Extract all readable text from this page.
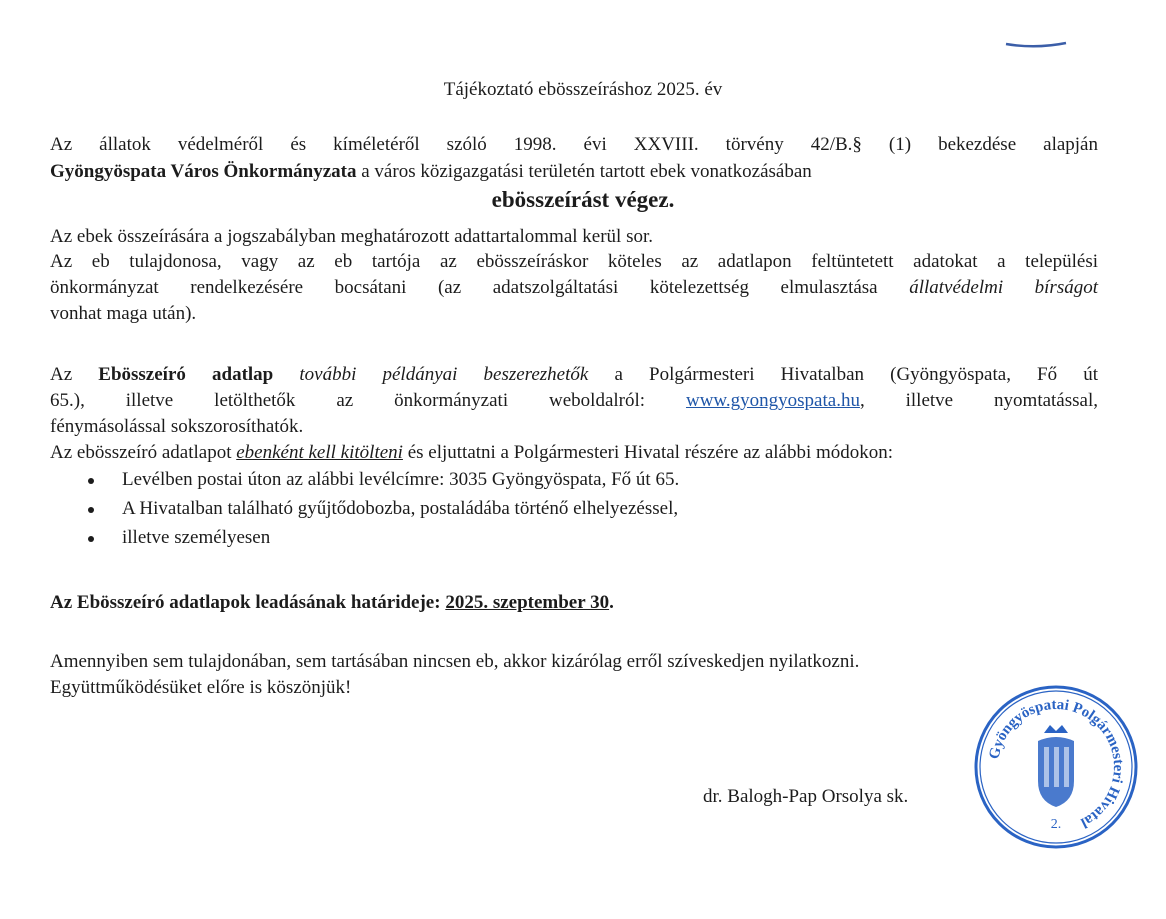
Tájékoztató ebösszeíráshoz 2025. év
Az állatok védelméről és kíméletéről szóló 1998. évi XXVIII. törvény 42/B.§ (1) bekezdése alapján
Gyöngyöspata Város Önkormányzata a város közigazgatási területén tartott ebek vonatkozásában
ebösszeírást végez.
Az ebek összeírására a jogszabályban meghatározott adattartalommal kerül sor.
Az eb tulajdonosa, vagy az eb tartója az ebösszeíráskor köteles az adatlapon feltüntetett adatokat a települési
önkormányzat rendelkezésére bocsátani (az adatszolgáltatási kötelezettség elmulasztása állatvédelmi bírságot
vonhat maga után).
Az Ebösszeíró adatlap további példányai beszerezhetők a Polgármesteri Hivatalban (Gyöngyöspata, Fő út
65.), illetve letölthetők az önkormányzati weboldalról: www.gyongyospata.hu, illetve nyomtatással,
fénymásolással sokszorosíthatók.
Az ebösszeíró adatlapot ebenként kell kitölteni és eljuttatni a Polgármesteri Hivatal részére az alábbi módokon:
Levélben postai úton az alábbi levélcímre: 3035 Gyöngyöspata, Fő út 65.
A Hivatalban található gyűjtődobozba, postaládába történő elhelyezéssel,
illetve személyesen
Az Ebösszeíró adatlapok leadásának határideje: 2025. szeptember 30.
Amennyiben sem tulajdonában, sem tartásában nincsen eb, akkor kizárólag erről szíveskedjen nyilatkozni.
Együttműködésüket előre is köszönjük!
dr. Balogh-Pap Orsolya sk.
Gyöngyöspatai Polgármesteri Hivatal
2.
